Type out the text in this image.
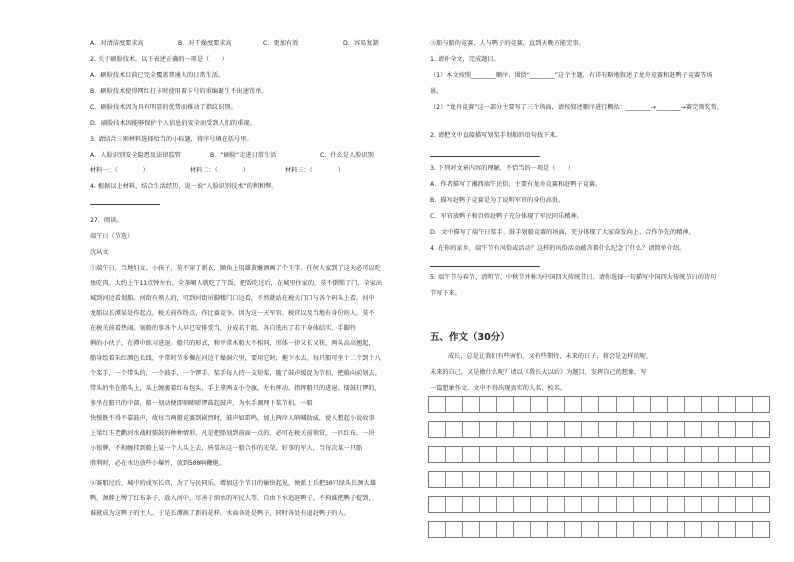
A．对清洁度要求高	B．对干燥度要求高	C．更加有效	D．容易复制
2. 关于刷脸技术，以下表述正确的一项是（　　）
A．刷脸技术目前已完全覆盖普通人的日常生活。
B．刷脸技术使得网红打卡时使用着卡号的重编诞生不出速罚单。
C．刷脸技术因为具有明显的优势而推动了指纹识别。
D．刷脸技术因能够保护个人信息的安全而受到人们的重视。
3. 请结合三则材料选择恰当的小标题，将序号填在括号里。
A．人脸识别安全隐患及法律监管	B．“刷脸”走进日常生活	C．什么是人脸识别
材料一：（　　　　）	材料二：（　　　　）	材料三：（　　　　）
4. 根据以上材料，结合生活经历，说一说“人脸识别技术”的利和弊。
27．阅读。
端午日（节选）
沈从文
①端午日，当地妇女、小孩子，莫不穿了新衣，额角上用雄黄蘸酒画了个王字。任何人家到了这天必可以吃
鱼吃肉。大约上午11点钟左右，全茶峒人就吃了午饭。把饭吃过后，在城里住家的，莫不倒锁了门，全家出
城到河边看划船。河街有熟人的，可到河街吊脚楼门口边看，不然就站在税关门口与各个码头上看。河中
龙船以长潭某处作起点，税关前作终点，作比赛竞争。因为这一天军官、税官以及当地有身份的人，莫不
在税关前看热闹。划船的事各个人早已安排妥当，分成若干组，各自选出了若干身体结实、手脚伶
俐的小伙子，在潭中练习进退。船只的形式，和平常木船大不相同，形体一律又长又狭，两头高高翘起，
船身绘着朱红颜色长线，平常时节多搁在河边干燥洞穴里，要用它时，拖下水去。每只船可坐十二个到十八
个桨手，一个带头的，一个鼓手，一个锣手。桨手每人持一支短桨，随了鼓声缓促为节拍，把船向前划去。
带头的坐在船头上，头上缠裹着红布包头，手上拿两支小令旗，左右挥动，指挥船只的进退。擂鼓打锣的，
多坐在船只的中部，船一划动便即刻嘭嘭锣鼓起鼓声，为水手调理下桨节拍。一船
快慢既不得不靠鼓声，故每当两船竞赛到剧烈时，鼓声如雷鸣，加上两岸人呐喊助威，使人想起小说故事
上梁红玉老鹳河水战时擂鼓的种种情形。凡是把船划到前面一点的，必可在税关前领赏，一匹红布，一块
小银牌，不拘缠挂到船上某一个人头上去，皆显出这一船合作的光荣。好事的军人，当每次某一只船
胜利时，必在水边放些小爆竹，放到500响鞭炮。
②赛船过后，城中的戍军长官，为了与民同乐，增加这个节日的愉快起见，便派士兵把30只绿头长颈大雄
鸭，颈脖上缚了红布条子，放入河中，尽善于泅水的军民人等，自由下水追赶鸭子。不拘谁把鸭子捉到，
谁就成为这鸭子的主人。于是长潭换了新的花样，水面各处是鸭子，同时各处有追赶鸭子的人。
③船与船的竞赛，人与鸭子的竞赛，直到天晚方能完事。
1. 请补全文，完成题目。
（1）本文按照________顺序，围绕“________”这个主题，有详有略地叙述了龙舟竞赛和赶鸭子竞赛等场
景。
（2）“龙舟竞赛”这一部分主要写了三个场面，请按叙述顺序进行概括：________→________→赛完领奖赏。
2. 请把文中直接描写划桨手划船的语句找下来。
3. 下列对文章内容的理解，不恰当的一项是（　　）
A．作者描写了湘西端午民俗，主要有龙舟竞赛和赶鸭子竞赛。
B．描写赶鸭子竞赛是为了说明军官的身份高贵。
C．军官放鸭子和百姓赶鸭子充分体现了军民同乐精神。
D．文中描写了端午日桨手、鼓手划船竞赛的场面，充分体现了大家奋发向上、合作争先的精神。
4. 在你的家乡，端午节有风俗或活动？这样的风俗活动蕴含着什么纪念了什么？请简单介绍。
5. 端午节与春节、清明节、中秋节并称为中国四大传统节日。请你选择一句描写中国四大传统节日的诗句
节写下来。
五、作文（30分）
成长，总是让我们有些害怕，又有些期待，未来的日子，将会是怎样的呢，
未来的自己，又是做什么呢？请以《我长大以后》为题目，发挥自己的想象，写
一篇想象作文。文中不得出现真实的人名、校名。
